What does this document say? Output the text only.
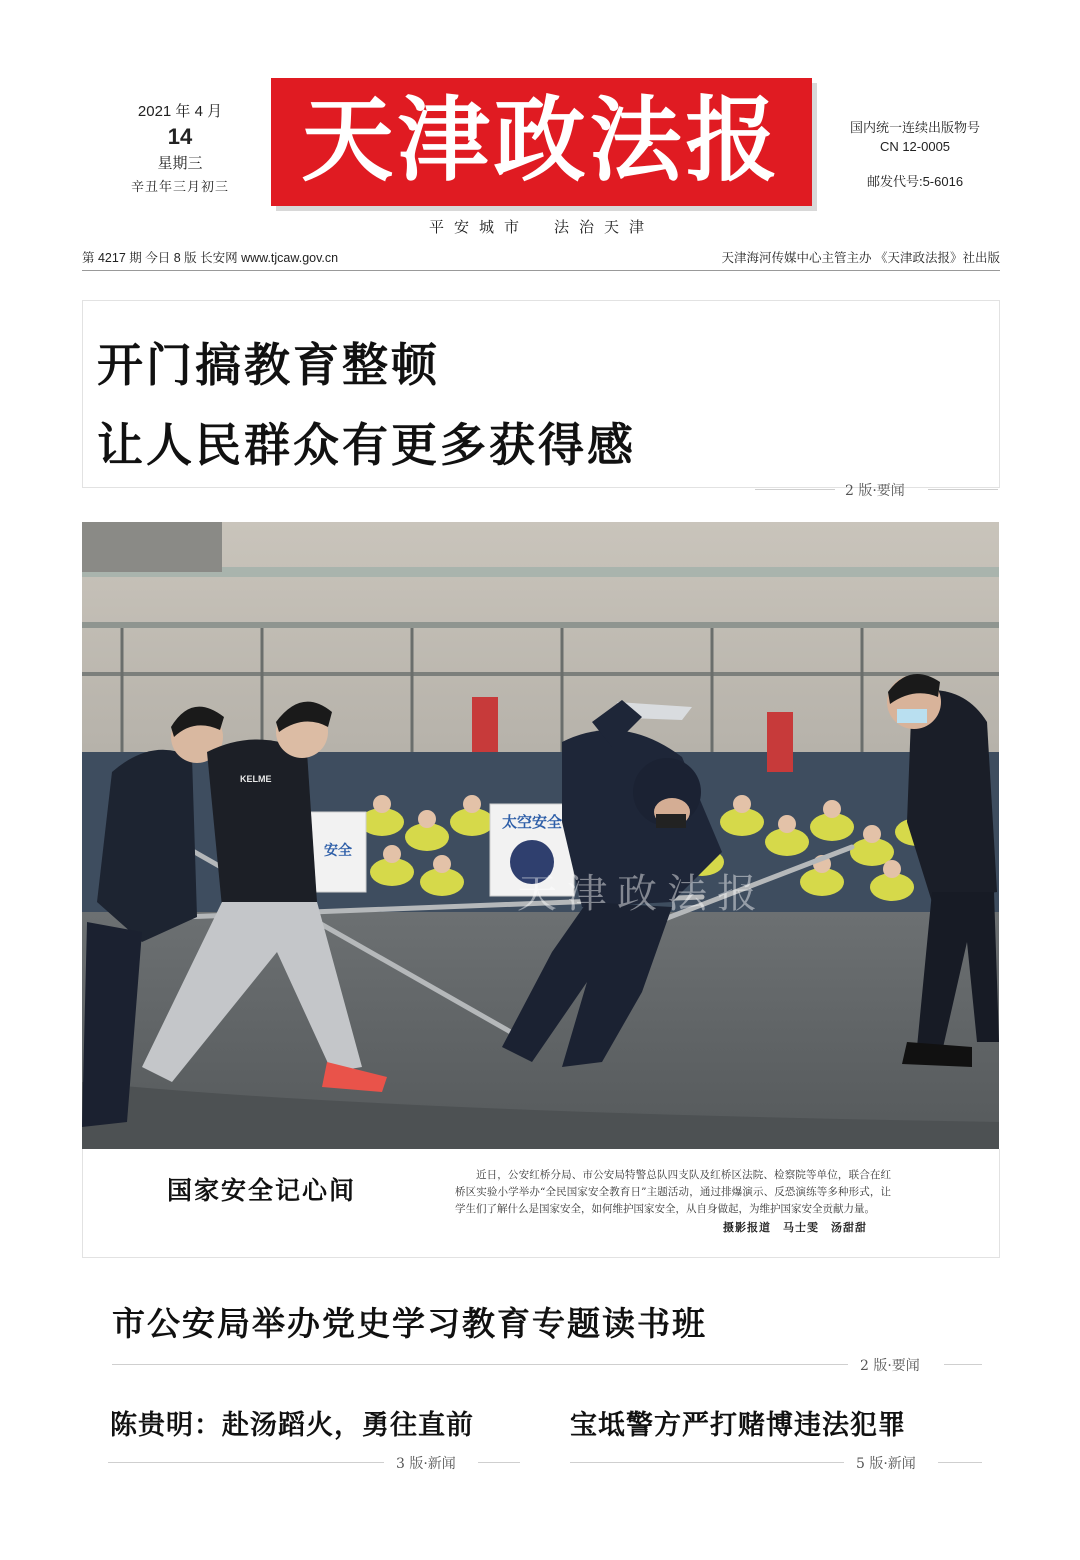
2021 年 4 月
14
星期三
辛丑年三月初三 天津政法报
平安城市　法治天津
国内统一连续出版物号
CN 12-0005
邮发代号:5-6016
第 4217 期 今日 8 版 长安网 www.tjcaw.gov.cn	天津海河传媒中心主管主办 《天津政法报》社出版
开门搞教育整顿
让人民群众有更多获得感
2 版·要闻
安全
太空安全
KELME
天津政法报
国家安全记心间
近日，公安红桥分局、市公安局特警总队四支队及红桥区法院、检察院等单位，联合在红桥区实验小学举办“全民国家安全教育日”主题活动，通过排爆演示、反恐演练等多种形式，让学生们了解什么是国家安全，如何维护国家安全，从自身做起，为维护国家安全贡献力量。
摄影报道　马士雯　汤甜甜
市公安局举办党史学习教育专题读书班
2 版·要闻
陈贵明：赴汤蹈火，勇往直前
3 版·新闻
宝坻警方严打赌博违法犯罪
5 版·新闻
